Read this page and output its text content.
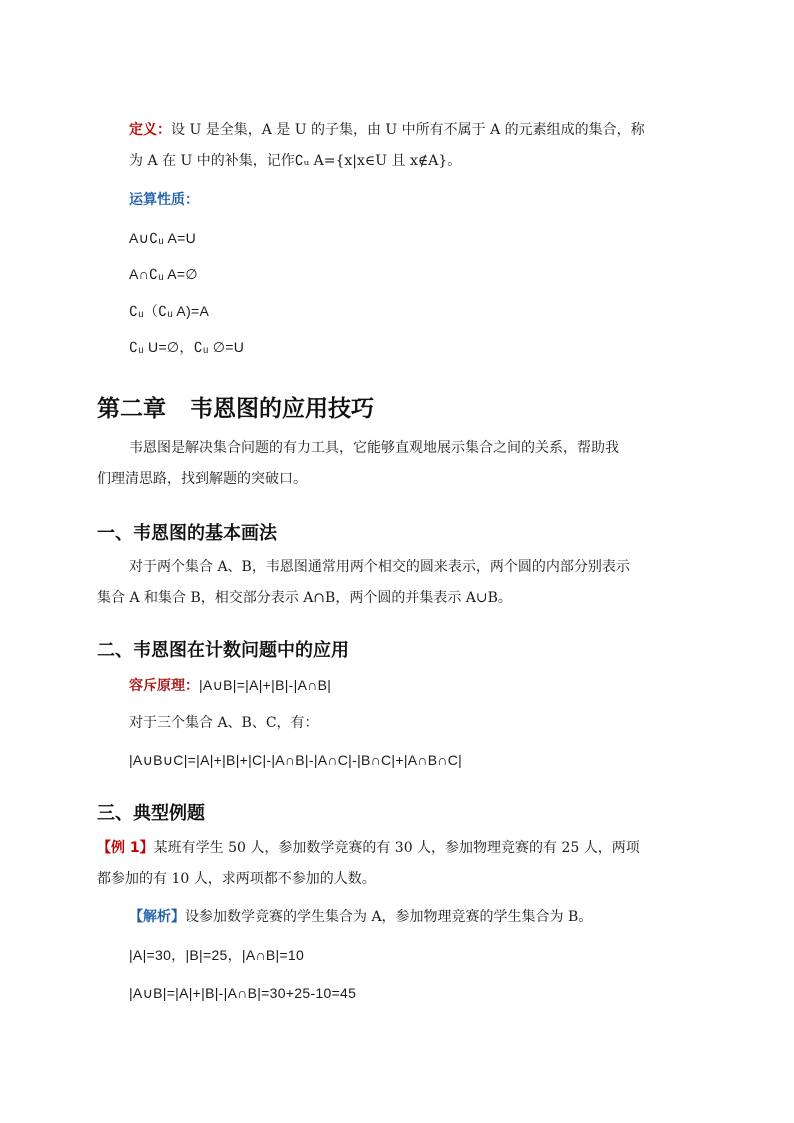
定义：设 U 是全集，A 是 U 的子集，由 U 中所有不属于 A 的元素组成的集合，称
为 A 在 U 中的补集，记作∁ᵤ A={x|x∈U 且 x∉A}。
运算性质：
A∪∁ᵤ A=U
A∩∁ᵤ A=∅
∁ᵤ（∁ᵤ A)=A
∁ᵤ U=∅，∁ᵤ ∅=U
第二章 韦恩图的应用技巧
韦恩图是解决集合问题的有力工具，它能够直观地展示集合之间的关系，帮助我
们理清思路，找到解题的突破口。
一、韦恩图的基本画法
对于两个集合 A、B，韦恩图通常用两个相交的圆来表示，两个圆的内部分别表示
集合 A 和集合 B，相交部分表示 A∩B，两个圆的并集表示 A∪B。
二、韦恩图在计数问题中的应用
容斥原理：|A∪B|=|A|+|B|-|A∩B|
对于三个集合 A、B、C，有：
|A∪B∪C|=|A|+|B|+|C|-|A∩B|-|A∩C|-|B∩C|+|A∩B∩C|
三、典型例题
【例 1】某班有学生 50 人，参加数学竞赛的有 30 人，参加物理竞赛的有 25 人，两项
都参加的有 10 人，求两项都不参加的人数。
【解析】设参加数学竞赛的学生集合为 A，参加物理竞赛的学生集合为 B。
|A|=30，|B|=25，|A∩B|=10
|A∪B|=|A|+|B|-|A∩B|=30+25-10=45
